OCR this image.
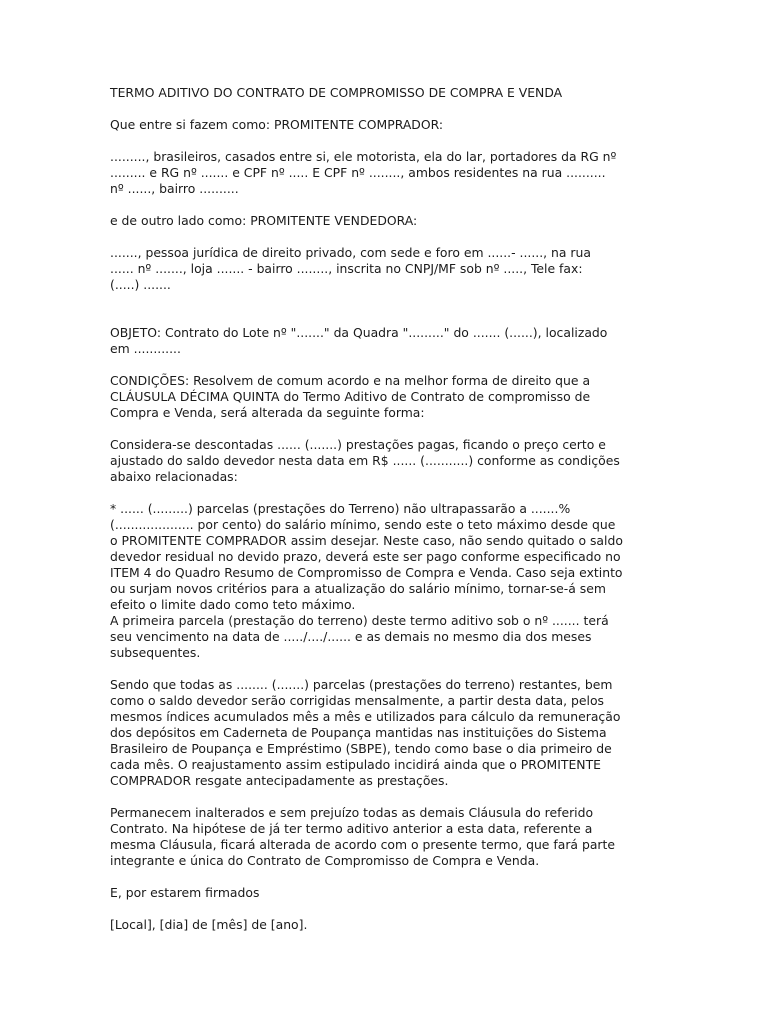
TERMO ADITIVO DO CONTRATO DE COMPROMISSO DE COMPRA E VENDA

Que entre si fazem como: PROMITENTE COMPRADOR:

........., brasileiros, casados entre si, ele motorista, ela do lar, portadores da RG nº
......... e RG nº ....... e CPF nº ..... E CPF nº ........, ambos residentes na rua ..........
nº ......, bairro ..........

e de outro lado como: PROMITENTE VENDEDORA:

......., pessoa jurídica de direito privado, com sede e foro em ......- ......, na rua
...... nº ......., loja ....... - bairro ........, inscrita no CNPJ/MF sob nº ....., Tele fax:
(.....) .......

OBJETO: Contrato do Lote nº "......." da Quadra "........." do ....... (......), localizado
em ............

CONDIÇÕES: Resolvem de comum acordo e na melhor forma de direito que a
CLÁUSULA DÉCIMA QUINTA do Termo Aditivo de Contrato de compromisso de
Compra e Venda, será alterada da seguinte forma:

Considera-se descontadas ...... (.......) prestações pagas, ficando o preço certo e
ajustado do saldo devedor nesta data em R$ ...... (...........) conforme as condições
abaixo relacionadas:

* ...... (.........) parcelas (prestações do Terreno) não ultrapassarão a .......%
(.................... por cento) do salário mínimo, sendo este o teto máximo desde que
o PROMITENTE COMPRADOR assim desejar. Neste caso, não sendo quitado o saldo
devedor residual no devido prazo, deverá este ser pago conforme especificado no
ITEM 4 do Quadro Resumo de Compromisso de Compra e Venda. Caso seja extinto
ou surjam novos critérios para a atualização do salário mínimo, tornar-se-á sem
efeito o limite dado como teto máximo.
A primeira parcela (prestação do terreno) deste termo aditivo sob o nº ....... terá
seu vencimento na data de ...../..../...... e as demais no mesmo dia dos meses
subsequentes.

Sendo que todas as ........ (.......) parcelas (prestações do terreno) restantes, bem
como o saldo devedor serão corrigidas mensalmente, a partir desta data, pelos
mesmos índices acumulados mês a mês e utilizados para cálculo da remuneração
dos depósitos em Caderneta de Poupança mantidas nas instituições do Sistema
Brasileiro de Poupança e Empréstimo (SBPE), tendo como base o dia primeiro de
cada mês. O reajustamento assim estipulado incidirá ainda que o PROMITENTE
COMPRADOR resgate antecipadamente as prestações.

Permanecem inalterados e sem prejuízo todas as demais Cláusula do referido
Contrato. Na hipótese de já ter termo aditivo anterior a esta data, referente a
mesma Cláusula, ficará alterada de acordo com o presente termo, que fará parte
integrante e única do Contrato de Compromisso de Compra e Venda.

E, por estarem firmados

[Local], [dia] de [mês] de [ano].
